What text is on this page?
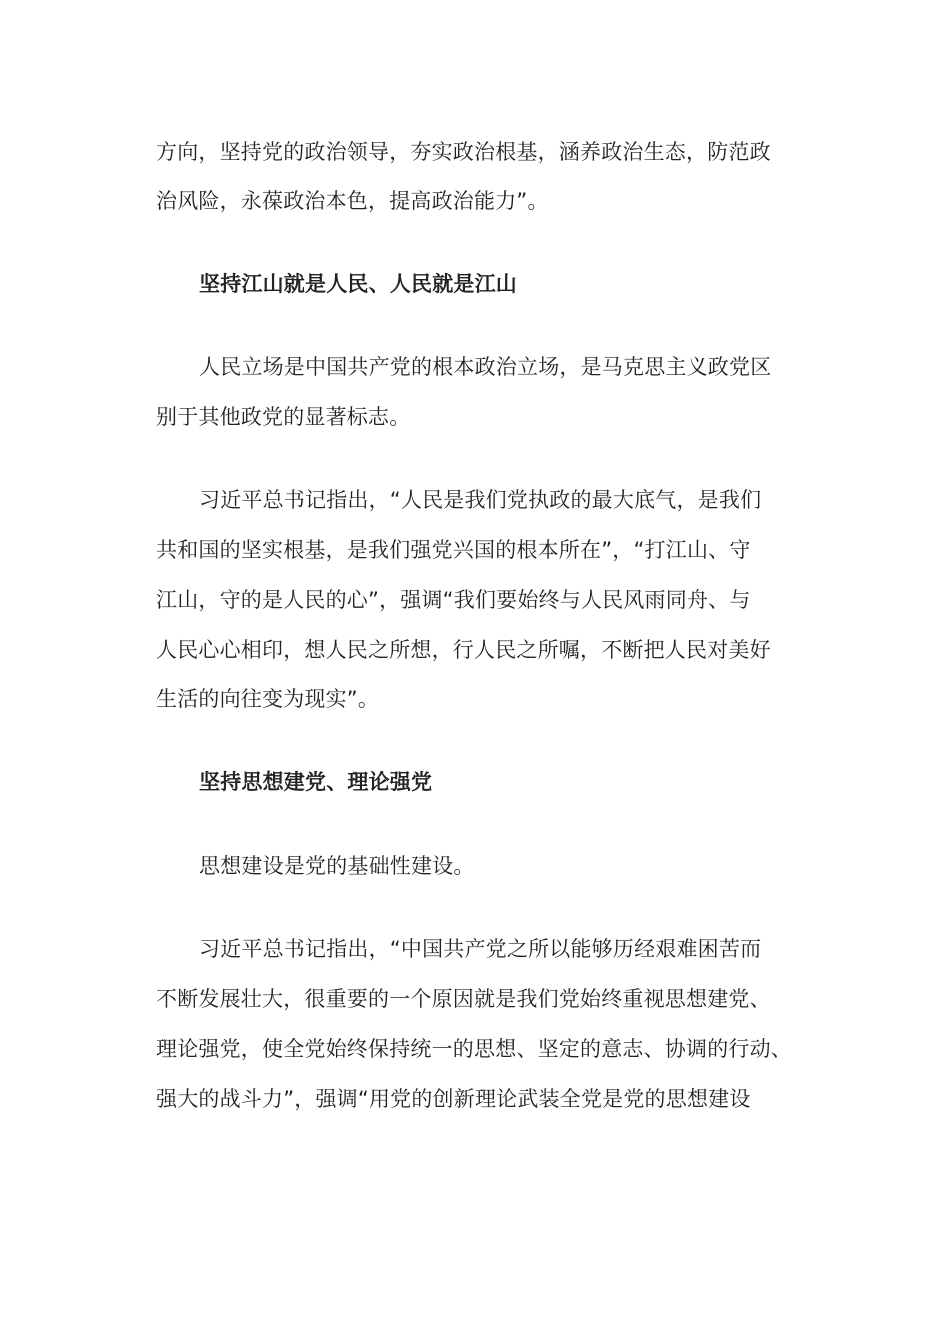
方向，坚持党的政治领导，夯实政治根基，涵养政治生态，防范政
治风险，永葆政治本色，提高政治能力”。
坚持江山就是人民、人民就是江山
人民立场是中国共产党的根本政治立场，是马克思主义政党区
别于其他政党的显著标志。
习近平总书记指出，“人民是我们党执政的最大底气，是我们
共和国的坚实根基，是我们强党兴国的根本所在”，“打江山、守
江山，守的是人民的心”，强调“我们要始终与人民风雨同舟、与
人民心心相印，想人民之所想，行人民之所嘱，不断把人民对美好
生活的向往变为现实”。
坚持思想建党、理论强党
思想建设是党的基础性建设。
习近平总书记指出，“中国共产党之所以能够历经艰难困苦而
不断发展壮大，很重要的一个原因就是我们党始终重视思想建党、
理论强党，使全党始终保持统一的思想、坚定的意志、协调的行动、
强大的战斗力”，强调“用党的创新理论武装全党是党的思想建设
